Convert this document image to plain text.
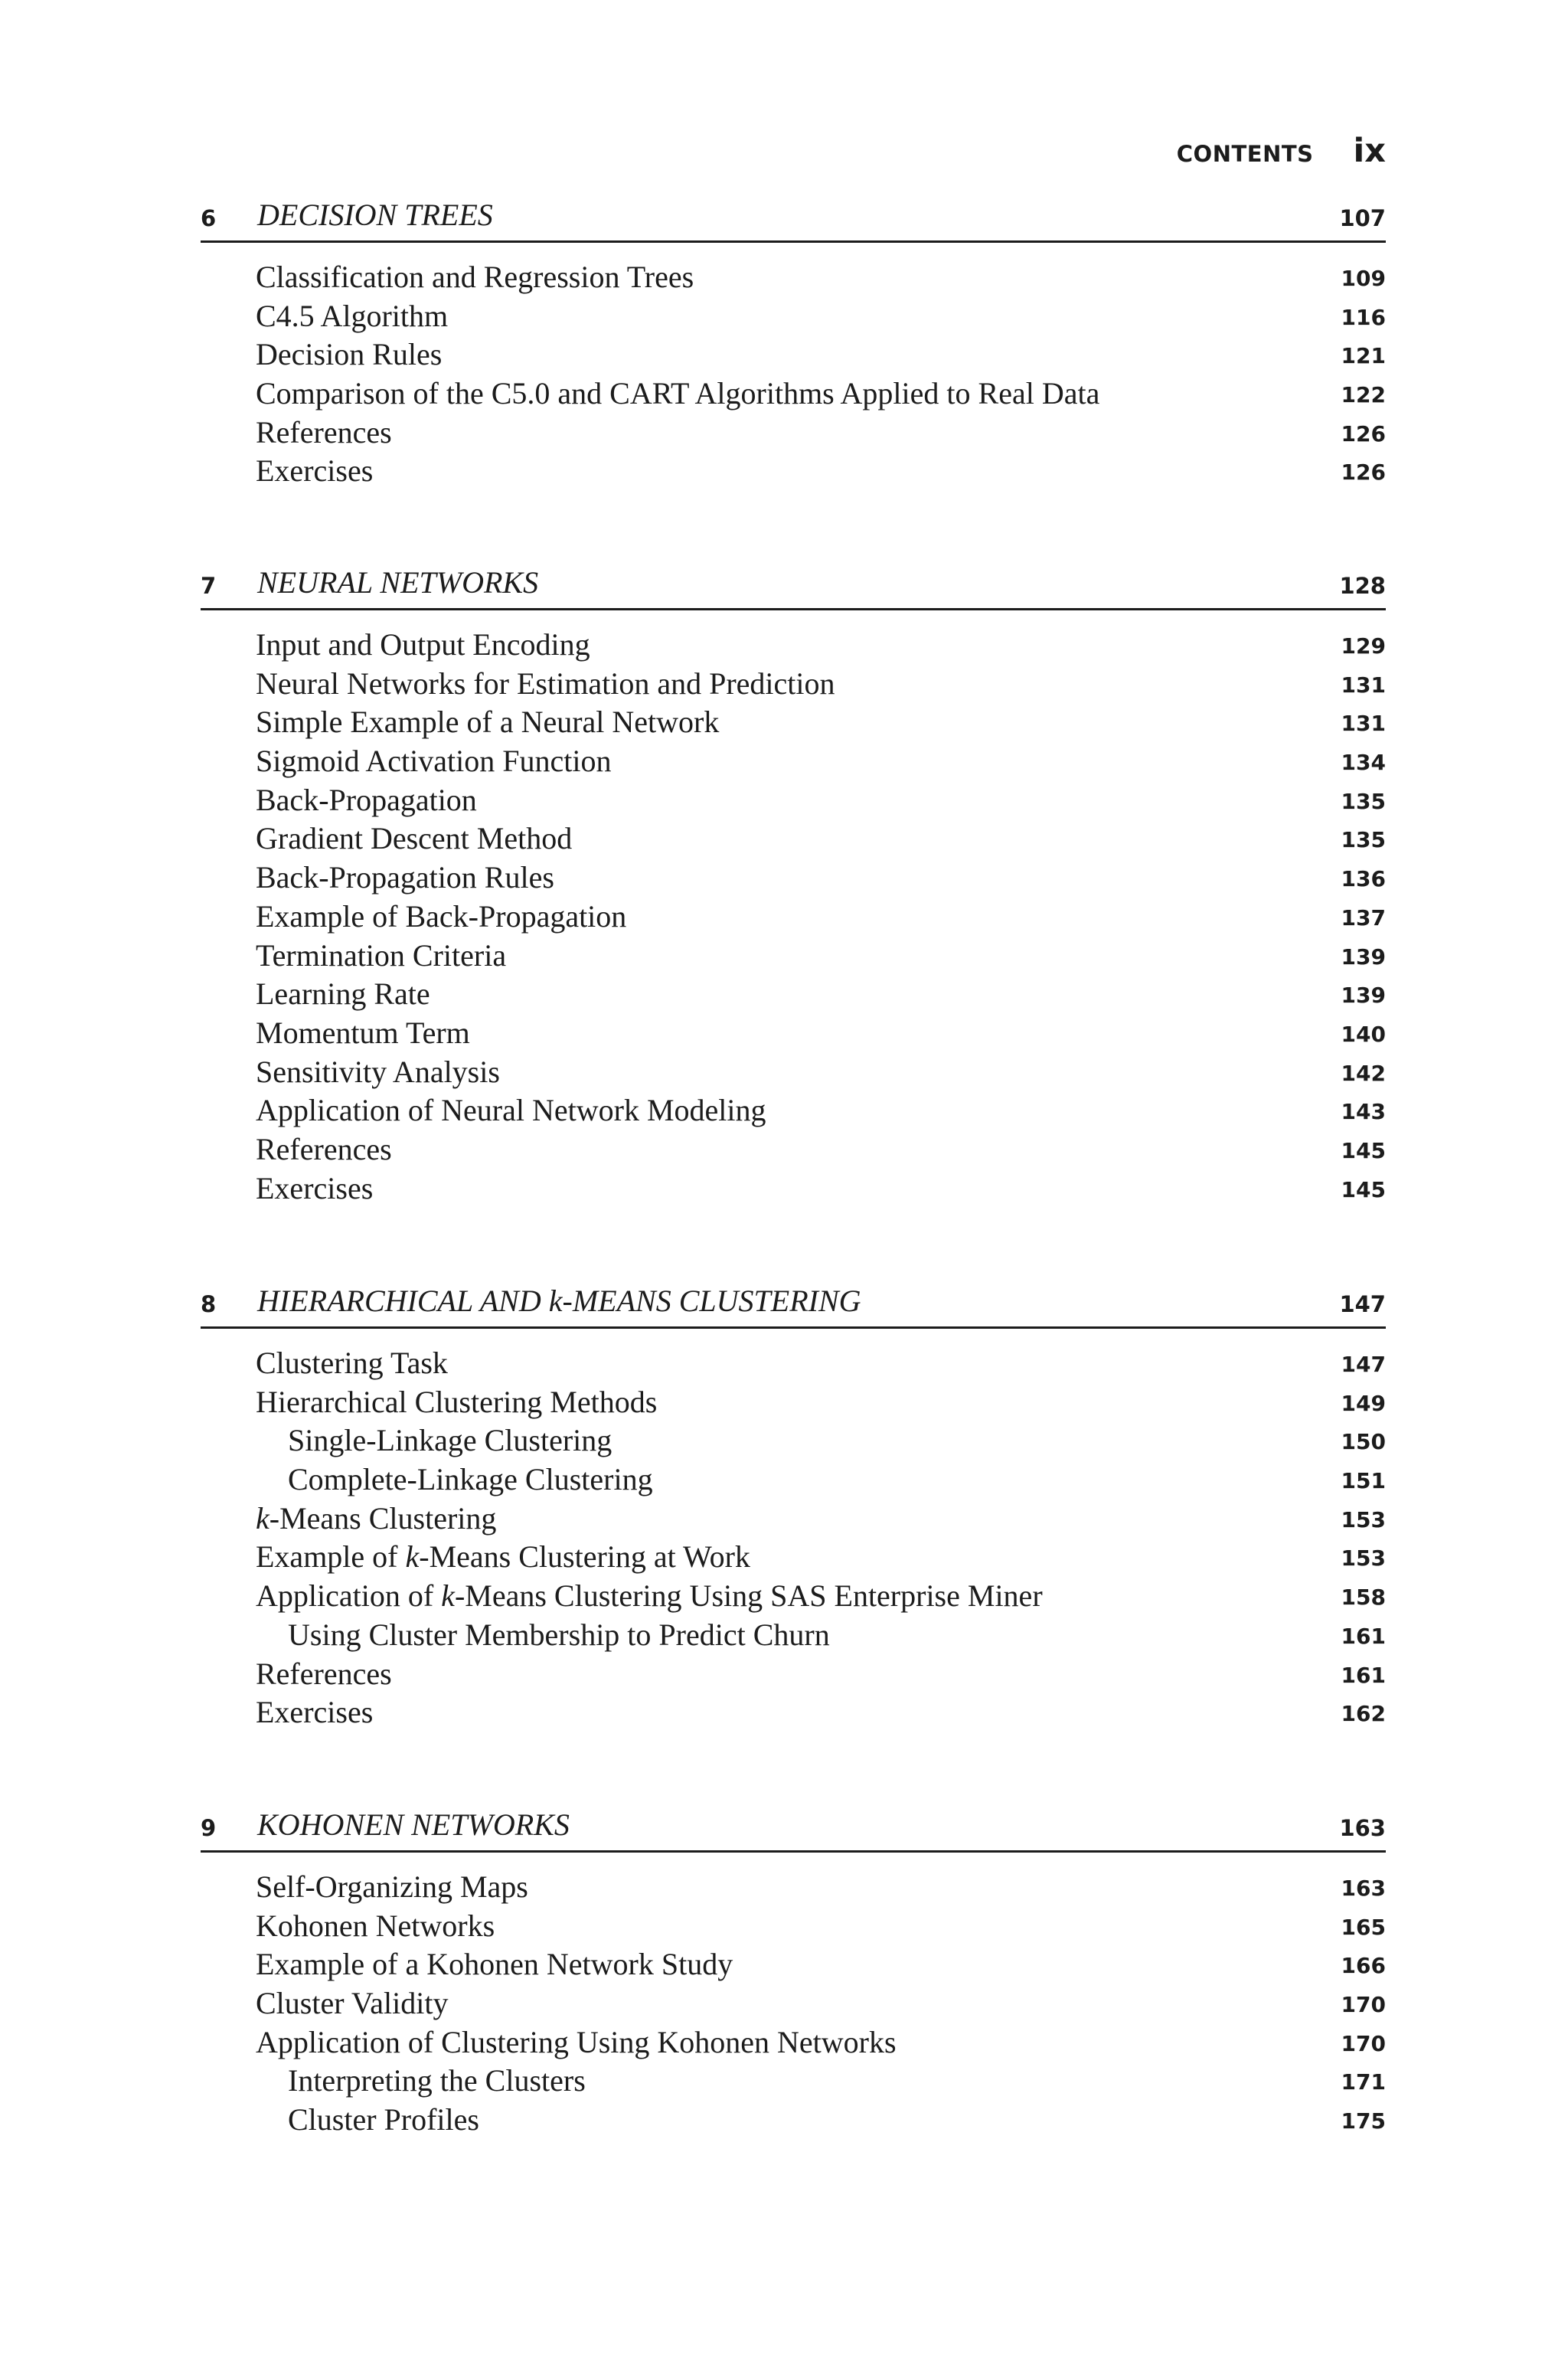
CONTENTS ix
6 DECISION TREES	107
Classification and Regression Trees	109
C4.5 Algorithm	116
Decision Rules	121
Comparison of the C5.0 and CART Algorithms Applied to Real Data	122
References	126
Exercises	126
7 NEURAL NETWORKS	128
Input and Output Encoding	129
Neural Networks for Estimation and Prediction	131
Simple Example of a Neural Network	131
Sigmoid Activation Function	134
Back-Propagation	135
Gradient Descent Method	135
Back-Propagation Rules	136
Example of Back-Propagation	137
Termination Criteria	139
Learning Rate	139
Momentum Term	140
Sensitivity Analysis	142
Application of Neural Network Modeling	143
References	145
Exercises	145
8 HIERARCHICAL AND k-MEANS CLUSTERING	147
Clustering Task	147
Hierarchical Clustering Methods	149
Single-Linkage Clustering	150
Complete-Linkage Clustering	151
k-Means Clustering	153
Example of k-Means Clustering at Work	153
Application of k-Means Clustering Using SAS Enterprise Miner	158
Using Cluster Membership to Predict Churn	161
References	161
Exercises	162
9 KOHONEN NETWORKS	163
Self-Organizing Maps	163
Kohonen Networks	165
Example of a Kohonen Network Study	166
Cluster Validity	170
Application of Clustering Using Kohonen Networks	170
Interpreting the Clusters	171
Cluster Profiles	175
